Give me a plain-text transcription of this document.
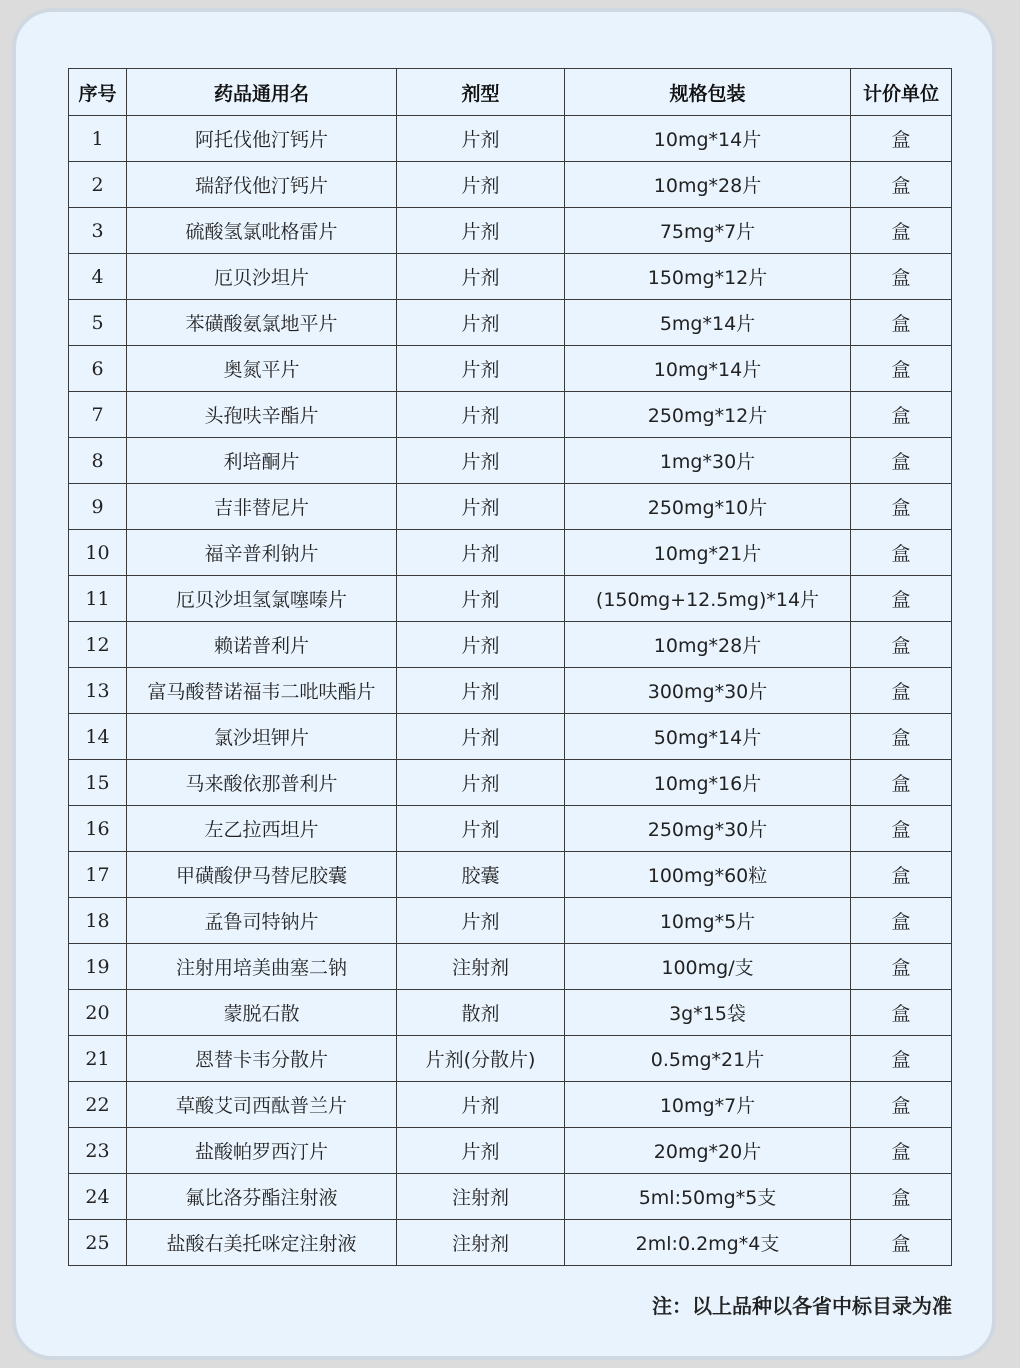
序号	药品通用名	剂型	规格包装	计价单位
1	阿托伐他汀钙片	片剂	10mg*14片	盒
2	瑞舒伐他汀钙片	片剂	10mg*28片	盒
3	硫酸氢氯吡格雷片	片剂	75mg*7片	盒
4	厄贝沙坦片	片剂	150mg*12片	盒
5	苯磺酸氨氯地平片	片剂	5mg*14片	盒
6	奥氮平片	片剂	10mg*14片	盒
7	头孢呋辛酯片	片剂	250mg*12片	盒
8	利培酮片	片剂	1mg*30片	盒
9	吉非替尼片	片剂	250mg*10片	盒
10	福辛普利钠片	片剂	10mg*21片	盒
11	厄贝沙坦氢氯噻嗪片	片剂	(150mg+12.5mg)*14片	盒
12	赖诺普利片	片剂	10mg*28片	盒
13	富马酸替诺福韦二吡呋酯片	片剂	300mg*30片	盒
14	氯沙坦钾片	片剂	50mg*14片	盒
15	马来酸依那普利片	片剂	10mg*16片	盒
16	左乙拉西坦片	片剂	250mg*30片	盒
17	甲磺酸伊马替尼胶囊	胶囊	100mg*60粒	盒
18	孟鲁司特钠片	片剂	10mg*5片	盒
19	注射用培美曲塞二钠	注射剂	100mg/支	盒
20	蒙脱石散	散剂	3g*15袋	盒
21	恩替卡韦分散片	片剂(分散片)	0.5mg*21片	盒
22	草酸艾司西酞普兰片	片剂	10mg*7片	盒
23	盐酸帕罗西汀片	片剂	20mg*20片	盒
24	氟比洛芬酯注射液	注射剂	5ml:50mg*5支	盒
25	盐酸右美托咪定注射液	注射剂	2ml:0.2mg*4支	盒
注：以上品种以各省中标目录为准
